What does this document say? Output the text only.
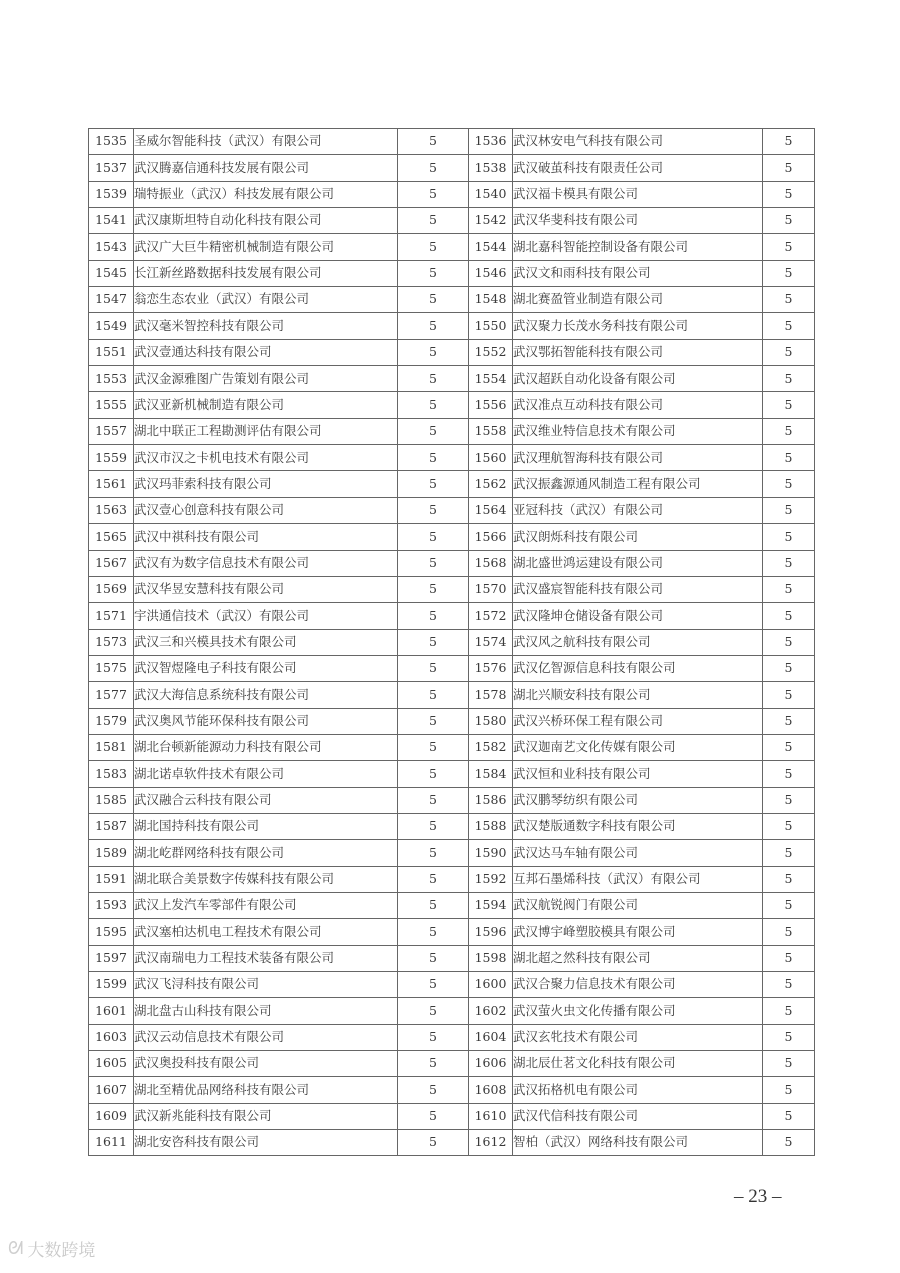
1535	圣威尔智能科技（武汉）有限公司	5	1536	武汉林安电气科技有限公司	5
1537	武汉腾嘉信通科技发展有限公司	5	1538	武汉破茧科技有限责任公司	5
1539	瑞特振业（武汉）科技发展有限公司	5	1540	武汉福卡模具有限公司	5
1541	武汉康斯坦特自动化科技有限公司	5	1542	武汉华斐科技有限公司	5
1543	武汉广大巨牛精密机械制造有限公司	5	1544	湖北嘉科智能控制设备有限公司	5
1545	长江新丝路数据科技发展有限公司	5	1546	武汉文和雨科技有限公司	5
1547	翁恋生态农业（武汉）有限公司	5	1548	湖北赛盈管业制造有限公司	5
1549	武汉毫米智控科技有限公司	5	1550	武汉聚力长茂水务科技有限公司	5
1551	武汉壹通达科技有限公司	5	1552	武汉鄂拓智能科技有限公司	5
1553	武汉金源雅图广告策划有限公司	5	1554	武汉超跃自动化设备有限公司	5
1555	武汉亚新机械制造有限公司	5	1556	武汉准点互动科技有限公司	5
1557	湖北中联正工程勘测评估有限公司	5	1558	武汉维业特信息技术有限公司	5
1559	武汉市汉之卡机电技术有限公司	5	1560	武汉理航智海科技有限公司	5
1561	武汉玛菲索科技有限公司	5	1562	武汉振鑫源通风制造工程有限公司	5
1563	武汉壹心创意科技有限公司	5	1564	亚冠科技（武汉）有限公司	5
1565	武汉中祺科技有限公司	5	1566	武汉朗烁科技有限公司	5
1567	武汉有为数字信息技术有限公司	5	1568	湖北盛世鸿运建设有限公司	5
1569	武汉华昱安慧科技有限公司	5	1570	武汉盛宸智能科技有限公司	5
1571	宇洪通信技术（武汉）有限公司	5	1572	武汉隆坤仓储设备有限公司	5
1573	武汉三和兴模具技术有限公司	5	1574	武汉风之航科技有限公司	5
1575	武汉智煜隆电子科技有限公司	5	1576	武汉亿智源信息科技有限公司	5
1577	武汉大海信息系统科技有限公司	5	1578	湖北兴顺安科技有限公司	5
1579	武汉奥风节能环保科技有限公司	5	1580	武汉兴桥环保工程有限公司	5
1581	湖北台顿新能源动力科技有限公司	5	1582	武汉迦南艺文化传媒有限公司	5
1583	湖北诺卓软件技术有限公司	5	1584	武汉恒和业科技有限公司	5
1585	武汉融合云科技有限公司	5	1586	武汉鹏琴纺织有限公司	5
1587	湖北国持科技有限公司	5	1588	武汉楚版通数字科技有限公司	5
1589	湖北屹群网络科技有限公司	5	1590	武汉达马车轴有限公司	5
1591	湖北联合美景数字传媒科技有限公司	5	1592	互邦石墨烯科技（武汉）有限公司	5
1593	武汉上发汽车零部件有限公司	5	1594	武汉航锐阀门有限公司	5
1595	武汉塞柏达机电工程技术有限公司	5	1596	武汉博宇峰塑胶模具有限公司	5
1597	武汉南瑞电力工程技术装备有限公司	5	1598	湖北超之然科技有限公司	5
1599	武汉飞浔科技有限公司	5	1600	武汉合聚力信息技术有限公司	5
1601	湖北盘古山科技有限公司	5	1602	武汉萤火虫文化传播有限公司	5
1603	武汉云动信息技术有限公司	5	1604	武汉玄牝技术有限公司	5
1605	武汉奥投科技有限公司	5	1606	湖北辰仕茗文化科技有限公司	5
1607	湖北至精优品网络科技有限公司	5	1608	武汉拓格机电有限公司	5
1609	武汉新兆能科技有限公司	5	1610	武汉代信科技有限公司	5
1611	湖北安咨科技有限公司	5	1612	智柏（武汉）网络科技有限公司	5
– 23 –
ᘛ 大数跨境
